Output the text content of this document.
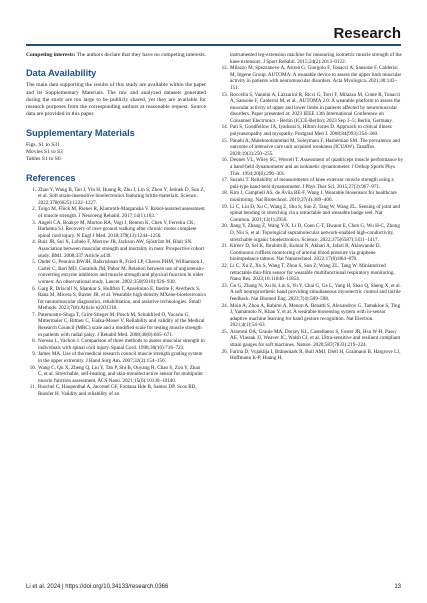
Research

Competing interests: The authors declare that they have no competing interests.

Data Availability

The main data supporting the results of this study are available within the paper and its Supplementary Materials. The raw and analyzed datasets generated during the study are too large to be publicly shared, yet they are available for research purposes from the corresponding authors at reasonable request. Source data are provided in this paper.

Supplementary Materials

Figs. S1 to S31

Movies S1 to S3

Tables S1 to S6

References
1. Zhao Y, Wang B, Tan J, Yin H, Huang R, Zhu J, Lin S, Zhou Y, Jelinek D, Sun Z, et al. Soft strain-insensitive bioelectronics featuring brittle materials. Science. 2022;378(6625):1222–1227.
2. Toigo M, Flück M, Riener R, Klamroth-Marganska V. Robot-assisted assessment of muscle strength. J Neuroeng Rehabil. 2017;14(1):103.
3. Angeli CA, Boakye M, Morton RA, Vogt J, Benton K, Chen Y, Ferreira CK, Harkema SJ. Recovery of over-ground walking after chronic motor complete spinal cord injury. N Engl J Med. 2018;379(13):1244–1250.
4. Ruiz JR, Sui X, Lobelo F, Morrow JR, Jackson AW, Sjöström M, Blair SN. Association between muscular strength and mortality in men: Prospective cohort study. BMJ. 2008;337:Article a439.
5. Onder G, Penninx BWJH, Balkrishnan R, Fried LP, Chaves PHM, Williamson J, Carter C, Bari MD, Guralnik JM, Pahor M. Relation between use of angiotensin-converting enzyme inhibitors and muscle strength and physical function in older women: An observational study. Lancet. 2002;359(9310):926–930.
6. Garg R, Driscoll N, Shankar S, Hullfish T, Anselmino E, Iberite F, Averbeck S, Rana M, Micera S, Baxter JR, et al. Wearable high-density MXene-bioelectronics for neuromuscular diagnostics, rehabilitation, and assistive technologies. Small Methods. 2023;7(8):Article e2201318.
7. Paternostro-Sluga T, Grim-Stieger M, Posch M, Schuhfried O, Vacariu G, Mittermaier C, Bittner C, Fialka-Moser V. Reliability and validity of the Medical Research Council (MRC) scale and a modified scale for testing muscle strength in patients with radial palsy. J Rehabil Med. 2008;40(8):665–671.
8. Noreau L, Vachon J. Comparison of three methods to assess muscular strength in individuals with spinal cord injury. Spinal Cord. 1998;36(10):716–723.
9. James MA. Use of the medical research council muscle strength grading system in the upper extremity. J Hand Surg Am. 2007;32(2):154–156.
10. Wang C, Qu X, Zheng Q, Liu Y, Tan P, Shi B, Ouyang H, Chao S, Zou Y, Zhao C, et al. Stretchable, self-healing, and skin-mounted active sensor for multipoint muscle function assessment. ACS Nano. 2021;15(6):10130–10140.
11. Ruschel C, Haupenthal A, Jacomel GF, Fontana Hde B, Santos DP, Scoz RD, Roesler H. Validity and reliability of an
instrumented leg-extension machine for measuring isometric muscle strength of the knee extensors. J Sport Rehabil. 2015;24(2):2013–0122.
12. Milazzo M, Spezzaneve A, Astrea G, Giorgolo F, Tonacci A, Sansone F, Calderisi M, Ingene Group. AUTOMA: A wearable device to assess the upper limb muscular activity in patients with neuromuscular disorders. Acta Myologica. 2021;40:143–151.
13. Roccella S, Vannini A, Lazzarini R, Ricci G, Torri F, Milazzo M, Conte R, Tonacci A, Sansone F, Calderisi M, et al., AUTOMA 2.0: A wearable platform to assess the muscular activity of upper and lower limbs in patients affected by neuromuscular disorders. Paper presented at: 2023 IEEE 13th International Conference on Consumer Electronics - Berlin (ICCE-Berlin); 2023 Sep 3–5; Berlin, Germany.
14. Pati S, Goodfellow JA, Iyadurai S, Hilton-Jones D. Approach to critical illness polyneuropathy and myopathy. Postgrad Med J. 2008;84(993):354–360.
15. Panahi A, Malekmohammad M, Soleymani F, Hashemian SM. The prevalence and outcome of intensive care unit acquired weakness (ICUAW). Tanaffos. 2020;19(3):250–255.
16. Deones VL, Wiley SC, Worrell T. Assessment of quadriceps muscle performance by a hand-held dynamometer and an isokinetic dynamometer. J Orthop Sports Phys Ther. 1994;20(6):296–301.
17. Suzuki T. Reliability of measurements of knee extensor muscle strength using a pull-type hand-held dynamometer. J Phys Ther Sci. 2015;27(3):967–971.
18. Kim J, Campbell AS, de Ávila BE-F, Wang J. Wearable biosensors for healthcare monitoring. Nat Biotechnol. 2019;37(4):389–406.
19. Li C, Liu D, Xu C, Wang Z, Shu S, Sun Z, Tang W, Wang ZL. Sensing of joint and spinal bending or stretching via a retractable and wearable badge reel. Nat Commun. 2021;12(1):2950.
20. Jiang Y, Zhang Z, Wang Y-X, Li D, Coen C-T, Hwaun E, Chen G, Wu H-C, Zhong D, Niu S, et al. Topological supramolecular network-enabled high-conductivity, stretchable organic bioelectronics. Science. 2022;375(6587):1411–1417.
21. Kireev D, Sel K, Ibrahim B, Kumar N, Akbari A, Jafari R, Akinwande D. Continuous cuffless monitoring of arterial blood pressure via graphene bioimpedance tattoos. Nat Nanotechnol. 2022;17(8):864–870.
22. Li C, Xu Z, Xu S, Wang T, Zhou S, Sun Z, Wang ZL, Tang W. Miniaturized retractable thin-film sensor for wearable multifunctional respiratory monitoring. Nano Res. 2023;16:11846–11854.
23. Gu G, Zhang N, Xu H, Lin S, Yu Y, Chai G, Ge L, Yang H, Shao Q, Sheng X, et al. A soft neuroprosthetic hand providing simultaneous myoelectric control and tactile feedback. Nat Biomed Eng. 2023;7(4):589–598.
24. Moin A, Zhou A, Rahimi A, Menon A, Benatti S, Alexandrov G, Tamakloe S, Ting J, Yamamoto N, Khan Y, et al. A wearable biosensing system with in-sensor adaptive machine learning for hand gesture recognition. Nat Electron. 2021;4(1):54–63.
25. Araromi OA, Graule MA, Dorsey KL, Castellanos S, Foster JR, Hsu W-H, Passy AE, Vlassak JJ, Weaver JC, Walsh CJ, et al. Ultra-sensitive and resilient compliant strain gauges for soft machines. Nature. 2020;587(7833):219–224.
26. Farina D, Vujaklija I, Brånemark R, Bull AMJ, Dietl H, Graimann B, Hargrove LJ, Hoffmann K-P, Huang H,
Li et al. 2024 | https://doi.org/10.34133/research.0366	13
